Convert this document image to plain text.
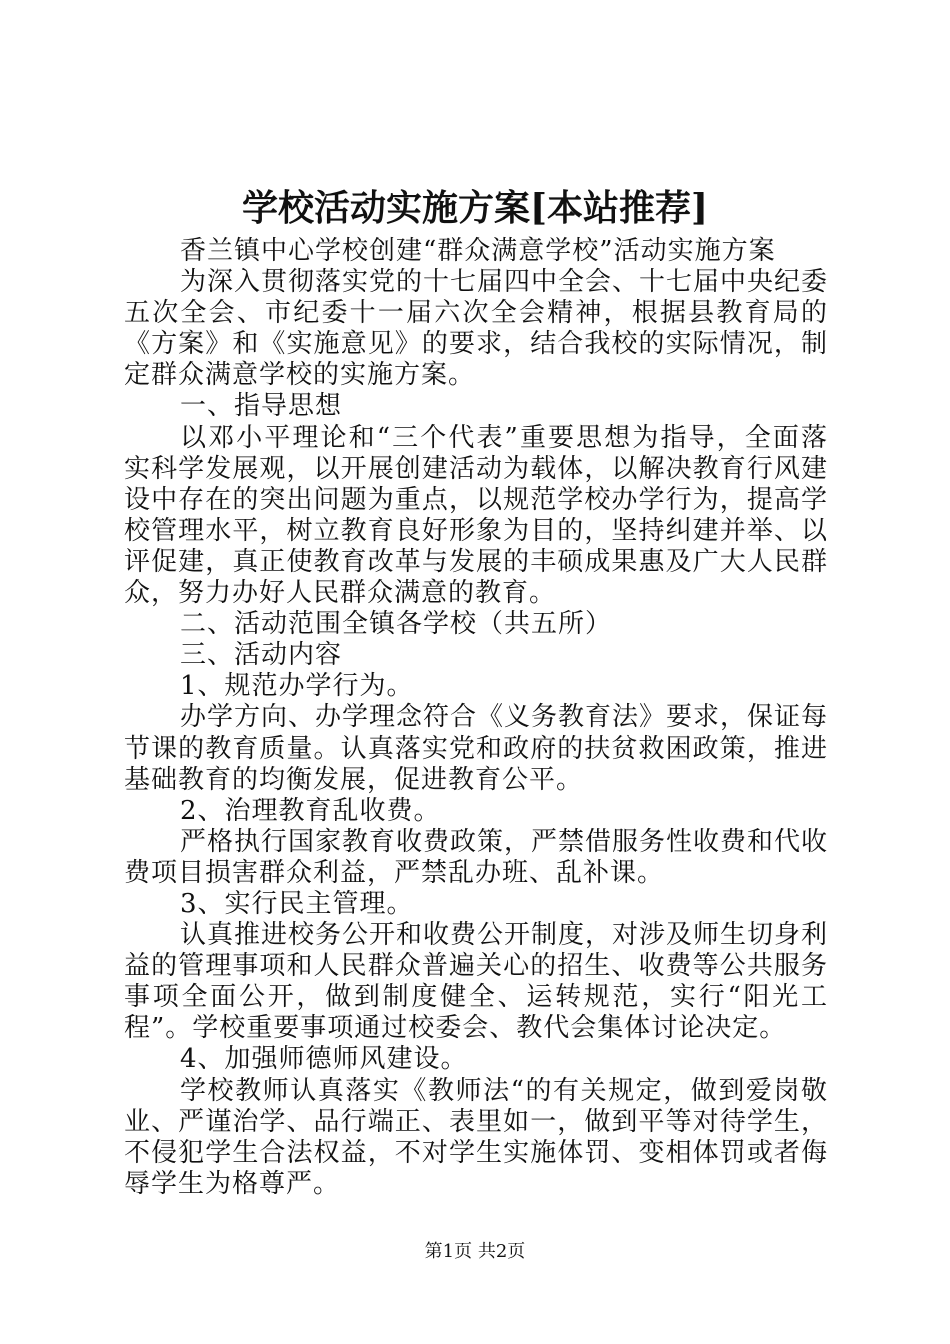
学校活动实施方案[本站推荐]

香兰镇中心学校创建“群众满意学校”活动实施方案

为深入贯彻落实党的十七届四中全会、十七届中央纪委五次全会、市纪委十一届六次全会精神，根据县教育局的《方案》和《实施意见》的要求，结合我校的实际情况，制定群众满意学校的实施方案。

一、指导思想

以邓小平理论和“三个代表”重要思想为指导，全面落实科学发展观，以开展创建活动为载体，以解决教育行风建设中存在的突出问题为重点，以规范学校办学行为，提高学校管理水平，树立教育良好形象为目的，坚持纠建并举、以评促建，真正使教育改革与发展的丰硕成果惠及广大人民群众，努力办好人民群众满意的教育。

二、活动范围全镇各学校（共五所）

三、活动内容

1、规范办学行为。

办学方向、办学理念符合《义务教育法》要求，保证每节课的教育质量。认真落实党和政府的扶贫救困政策，推进基础教育的均衡发展，促进教育公平。

2、治理教育乱收费。

严格执行国家教育收费政策，严禁借服务性收费和代收费项目损害群众利益，严禁乱办班、乱补课。

3、实行民主管理。

认真推进校务公开和收费公开制度，对涉及师生切身利益的管理事项和人民群众普遍关心的招生、收费等公共服务事项全面公开，做到制度健全、运转规范，实行“阳光工程”。学校重要事项通过校委会、教代会集体讨论决定。

4、加强师德师风建设。

学校教师认真落实《教师法“的有关规定，做到爱岗敬业、严谨治学、品行端正、表里如一，做到平等对待学生，不侵犯学生合法权益，不对学生实施体罚、变相体罚或者侮辱学生为格尊严。

第1页 共2页
